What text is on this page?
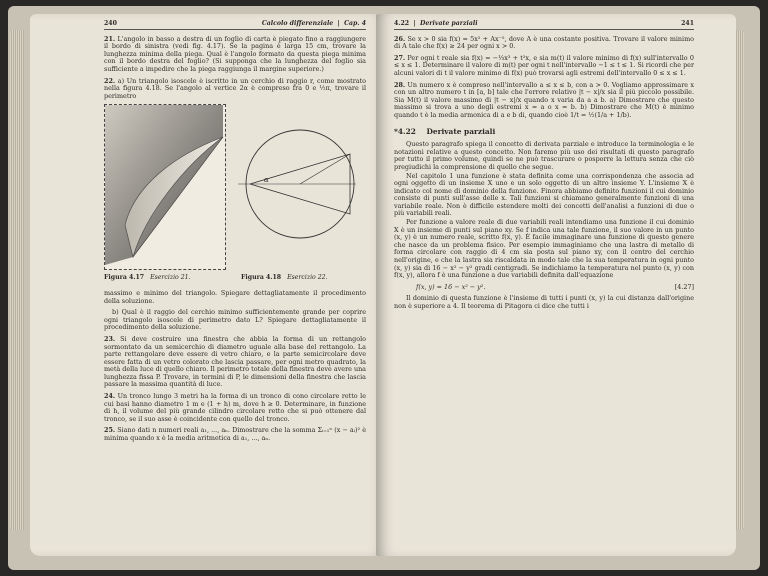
240	Calcolo differenziale  |  Cap. 4
21. L'angolo in basso a destra di un foglio di carta è piegato fino a raggiungere il bordo di sinistra (vedi fig. 4.17). Se la pagina è larga 15 cm, trovare la lunghezza minima della piega. Qual è l'angolo formato da questa piega minima con il bordo destra del foglio? (Si supponga che la lunghezza del foglio sia sufficiente a impedire che la piega raggiunga il margine superiore.)
22. a) Un triangolo isoscele è iscritto in un cerchio di raggio r, come mostrato nella figura 4.18. Se l'angolo al vertice 2α è compreso fra 0 e ½π, trovare il perimetro
α
Figura 4.17 Esercizio 21.	Figura 4.18 Esercizio 22.
massimo e minimo del triangolo. Spiegare dettagliatamente il procedimento della soluzione.
b) Qual è il raggio del cerchio minimo sufficientemente grande per coprire ogni triangolo isoscele di perimetro dato L? Spiegare dettagliatamente il procedimento della soluzione.
23. Si deve costruire una finestra che abbia la forma di un rettangolo sormontato da un semicerchio di diametro uguale alla base del rettangolo. La parte rettangolare deve essere di vetro chiaro, e la parte semicircolare deve essere fatta di un vetro colorato che lascia passare, per ogni metro quadrato, la metà della luce di quello chiaro. Il perimetro totale della finestra deve avere una lunghezza fissa P. Trovare, in termini di P, le dimensioni della finestra che lascia passare la massima quantità di luce.
24. Un tronco lungo 3 metri ha la forma di un tronco di cono circolare retto le cui basi hanno diametro 1 m e (1 + h) m, dove h ≥ 0. Determinare, in funzione di h, il volume del più grande cilindro circolare retto che si può ottenere dal tronco, se il suo asse è coincidente con quello del tronco.
25. Siano dati n numeri reali a₁, ..., aₙ. Dimostrare che la somma Σᵢ₌₁ⁿ (x − aᵢ)² è minima quando x è la media aritmetica di a₁, ..., aₙ.
4.22  |  Derivate parziali	241
26. Se x > 0 sia f(x) = 5x² + Ax⁻⁵, dove A è una costante positiva. Trovare il valore minimo di A tale che f(x) ≥ 24 per ogni x > 0.
27. Per ogni t reale sia f(x) = −⅓x³ + t²x, e sia m(t) il valore minimo di f(x) sull'intervallo 0 ≤ x ≤ 1. Determinare il valore di m(t) per ogni t nell'intervallo −1 ≤ t ≤ 1. Si ricordi che per alcuni valori di t il valore minimo di f(x) può trovarsi agli estremi dell'intervallo 0 ≤ x ≤ 1.
28. Un numero x è compreso nell'intervallo a ≤ x ≤ b, con a > 0. Vogliamo approssimare x con un altro numero t in [a, b] tale che l'errore relativo |t − x|/x sia il più piccolo possibile. Sia M(t) il valore massimo di |t − x|/x quando x varia da a a b. a) Dimostrare che questo massimo si trova a uno degli estremi x = a o x = b. b) Dimostrare che M(t) è minimo quando t è la media armonica di a e b di, quando cioè 1/t = ½(1/a + 1/b).
*4.22 Derivate parziali
Questo paragrafo spiega il concetto di derivata parziale e introduce la terminologia e le notazioni relative a questo concetto. Non faremo più uso dei risultati di questo paragrafo per tutto il primo volume, quindi se ne può trascurare o posporre la lettura senza che ciò pregiudichi la comprensione di quello che segue.
Nel capitolo 1 una funzione è stata definita come una corrispondenza che associa ad ogni oggetto di un insieme X uno e un solo oggetto di un altro insieme Y. L'insieme X è indicato col nome di dominio della funzione. Finora abbiamo definito funzioni il cui dominio consiste di punti sull'asse delle x. Tali funzioni si chiamano generalmente funzioni di una variabile reale. Non è difficile estendere molti dei concetti dell'analisi a funzioni di due o più variabili reali.
Per funzione a valore reale di due variabili reali intendiamo una funzione il cui dominio X è un insieme di punti sul piano xy. Se f indica una tale funzione, il suo valore in un punto (x, y) è un numero reale, scritto f(x, y). È facile immaginare una funzione di questo genere che nasce da un problema fisico. Per esempio immaginiamo che una lastra di metallo di forma circolare con raggio di 4 cm sia posta sul piano xy, con il centro del cerchio nell'origine, e che la lastra sia riscaldata in modo tale che la sua temperatura in ogni punto (x, y) sia di 16 − x² − y² gradi centigradi. Se indichiamo la temperatura nel punto (x, y) con f(x, y), allora f è una funzione a due variabili definita dall'equazione
f(x, y) = 16 − x² − y².	[4.27]
Il dominio di questa funzione è l'insieme di tutti i punti (x, y) la cui distanza dall'origine non è superiore a 4. Il teorema di Pitagora ci dice che tutti i
